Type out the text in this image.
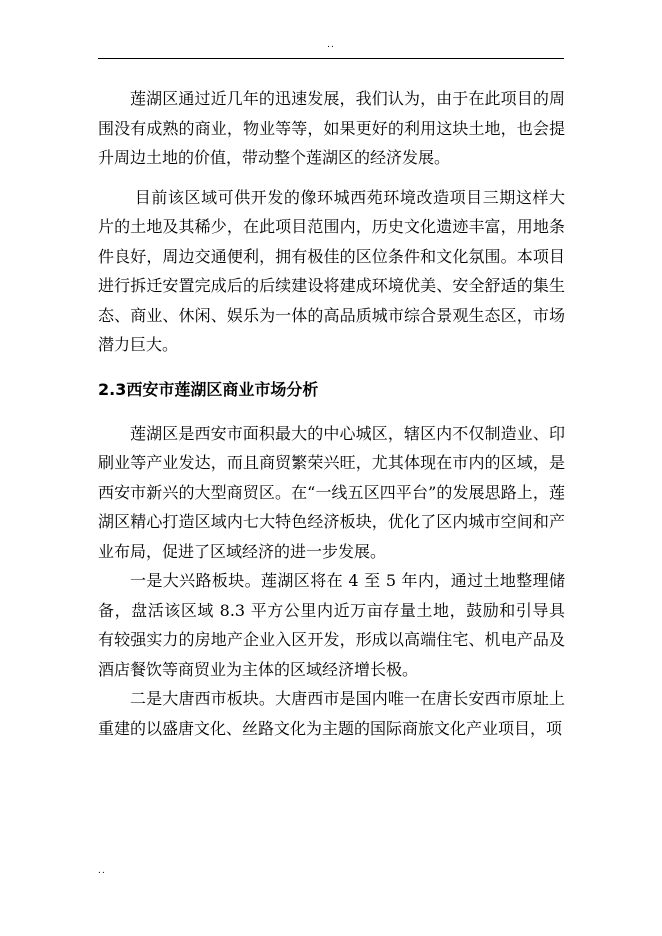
..

莲湖区通过近几年的迅速发展，我们认为，由于在此项目的周围没有成熟的商业，物业等等，如果更好的利用这块土地，也会提升周边土地的价值，带动整个莲湖区的经济发展。

目前该区域可供开发的像环城西苑环境改造项目三期这样大片的土地及其稀少，在此项目范围内，历史文化遗迹丰富，用地条件良好，周边交通便利，拥有极佳的区位条件和文化氛围。本项目进行拆迁安置完成后的后续建设将建成环境优美、安全舒适的集生态、商业、休闲、娱乐为一体的高品质城市综合景观生态区，市场潜力巨大。

2.3西安市莲湖区商业市场分析

莲湖区是西安市面积最大的中心城区，辖区内不仅制造业、印刷业等产业发达，而且商贸繁荣兴旺，尤其体现在市内的区域，是西安市新兴的大型商贸区。在“一线五区四平台”的发展思路上，莲湖区精心打造区域内七大特色经济板块，优化了区内城市空间和产业布局，促进了区域经济的进一步发展。

一是大兴路板块。莲湖区将在 4 至 5 年内，通过土地整理储备，盘活该区域 8.3 平方公里内近万亩存量土地，鼓励和引导具有较强实力的房地产企业入区开发，形成以高端住宅、机电产品及酒店餐饮等商贸业为主体的区域经济增长极。

二是大唐西市板块。大唐西市是国内唯一在唐长安西市原址上重建的以盛唐文化、丝路文化为主题的国际商旅文化产业项目，项

..
